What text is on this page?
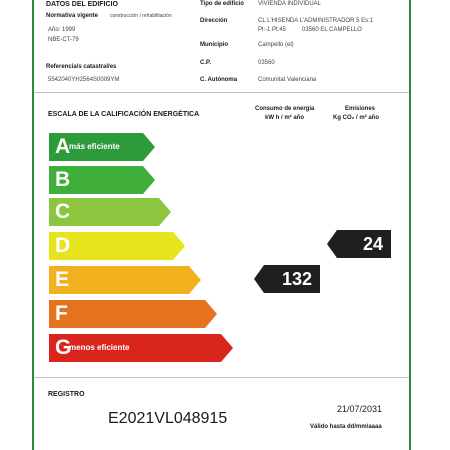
DATOS DEL EDIFICIO
Normativa vigente construcción / rehabilitación
Año: 1999
NBE-CT-79
Referencia/s catastral/es
5542040YH2564S0009YM
Tipo de edificio VIVIENDA INDIVIDUAL
Dirección	CL L'HISENDA L'ADMINISTRADOR 5 Es:1
Pl:-1 Pt:45	03560 EL CAMPELLO
Municipio	Campello (el)
C.P.	03560
C. Autónoma	Comunitat Valenciana
ESCALA DE LA CALIFICACIÓN ENERGÉTICA
Consumo de energía
kW h / m² año
Emisiones
Kg CO₂ / m² año
A
más eficiente
B
C
D
E
F
G
menos eficiente
132
24
REGISTRO
E2021VL048915
21/07/2031
Válido hasta dd/mm/aaaa
